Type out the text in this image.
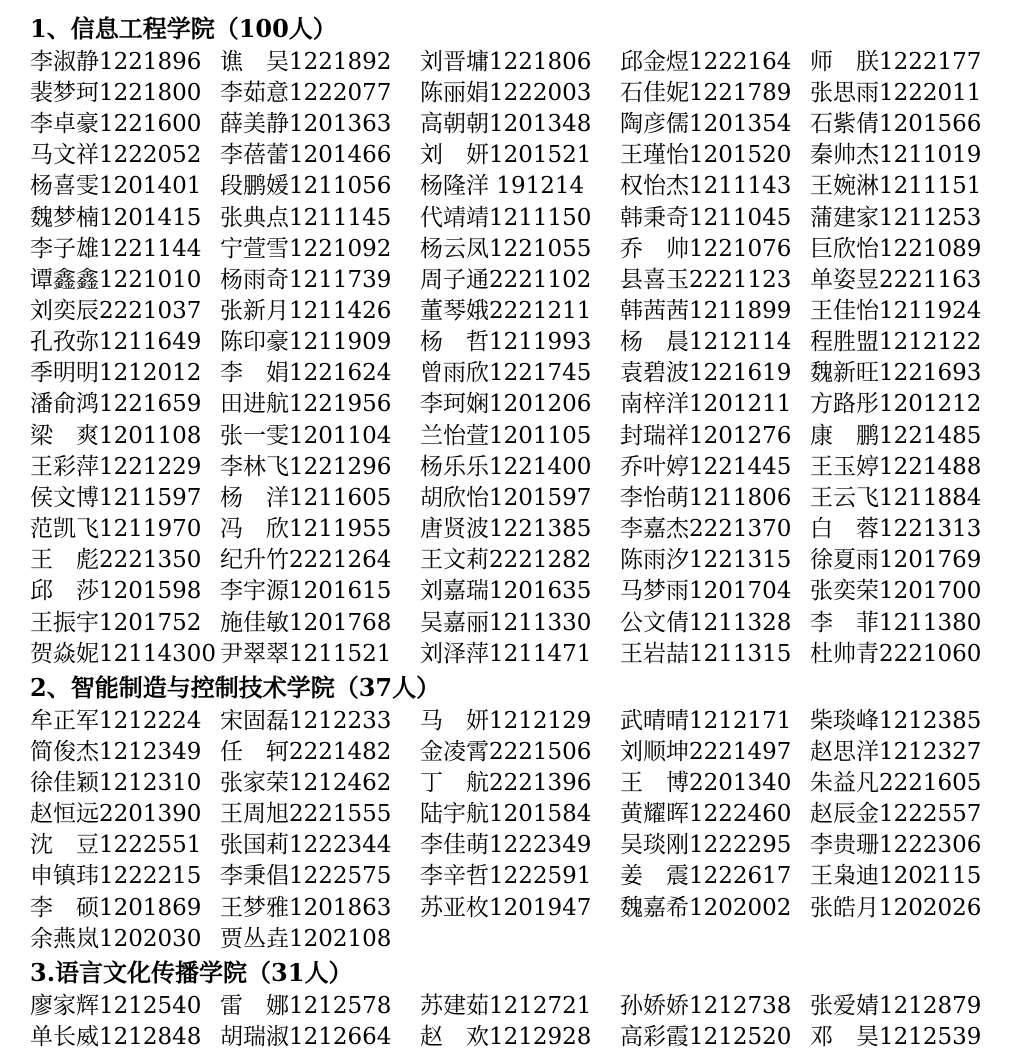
1、信息工程学院（100人）
李淑静1221896 谯　吴1221892	刘晋墉1221806	邱金煜1222164 师　朕1222177
裴梦珂1221800 李茹意1222077	陈丽娟1222003	石佳妮1221789 张思雨1222011
李卓豪1221600 薛美静1201363	高朝朝1201348	陶彦儒1201354 石紫倩1201566
马文祥1222052 李蓓蕾1201466	刘　妍1201521	王瑾怡1201520 秦帅杰1211019
杨喜雯1201401 段鹏媛1211056	杨隆洋 191214	权怡杰1211143 王婉淋1211151
魏梦楠1201415 张典点1211145	代靖靖1211150	韩秉奇1211045 蒲建家1211253
李子雄1221144 宁萱雪1221092	杨云凤1221055	乔　帅1221076 巨欣怡1221089
谭鑫鑫1221010 杨雨奇1211739	周子通2221102	县喜玉2221123 单姿昱2221163
刘奕辰2221037 张新月1211426	董琴娥2221211	韩茜茜1211899 王佳怡1211924
孔孜弥1211649 陈印豪1211909	杨　哲1211993	杨　晨1212114 程胜盟1212122
季明明1212012 李　娟1221624	曾雨欣1221745	袁碧波1221619 魏新旺1221693
潘俞鸿1221659 田进航1221956	李珂娴1201206	南梓洋1201211 方路彤1201212
梁　爽1201108 张一雯1201104	兰怡萱1201105	封瑞祥1201276 康　鹏1221485
王彩萍1221229 李林飞1221296	杨乐乐1221400	乔叶婷1221445 王玉婷1221488
侯文博1211597 杨　洋1211605	胡欣怡1201597	李怡萌1211806 王云飞1211884
范凯飞1211970 冯　欣1211955	唐贤波1221385	李嘉杰2221370 白　蓉1221313
王　彪2221350 纪升竹2221264	王文莉2221282	陈雨汐1221315 徐夏雨1201769
邱　莎1201598 李宇源1201615	刘嘉瑞1201635	马梦雨1201704 张奕荣1201700
王振宇1201752 施佳敏1201768	吴嘉丽1211330	公文倩1211328 李　菲1211380
贺焱妮12114300 尹翠翠1211521	刘泽萍1211471	王岩喆1211315 杜帅青2221060
2、智能制造与控制技术学院（37人）
牟正军1212224 宋固磊1212233	马　妍1212129	武晴晴1212171 柴琰峰1212385
简俊杰1212349 任　轲2221482	金凌霄2221506	刘顺坤2221497 赵思洋1212327
徐佳颖1212310 张家荣1212462	丁　航2221396	王　博2201340 朱益凡2221605
赵恒远2201390 王周旭2221555	陆宇航1201584	黄耀晖1222460 赵辰金1222557
沈　豆1222551 张国莉1222344	李佳萌1222349	吴琰刚1222295 李贵珊1222306
申镇玮1222215 李秉倡1222575	李辛哲1222591	姜　震1222617 王枭迪1202115
李　硕1201869 王梦雅1201863	苏亚枚1201947	魏嘉希1202002 张皓月1202026
余燕岚1202030 贾丛垚1202108
3.语言文化传播学院（31人）
廖家辉1212540 雷　娜1212578	苏建茹1212721	孙娇娇1212738 张爱婧1212879
单长威1212848 胡瑞淑1212664	赵　欢1212928	高彩霞1212520 邓　昊1212539
